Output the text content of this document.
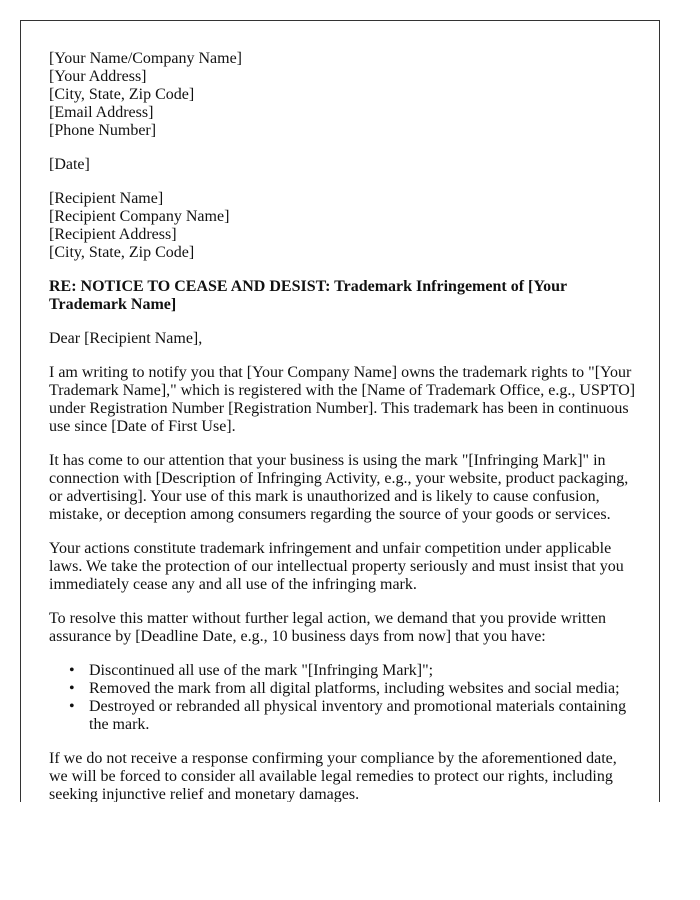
[Your Name/Company Name]
[Your Address]
[City, State, Zip Code]
[Email Address]
[Phone Number]
[Date]
[Recipient Name]
[Recipient Company Name]
[Recipient Address]
[City, State, Zip Code]

RE: NOTICE TO CEASE AND DESIST: Trademark Infringement of [Your Trademark Name]

Dear [Recipient Name],

I am writing to notify you that [Your Company Name] owns the trademark rights to "[Your Trademark Name]," which is registered with the [Name of Trademark Office, e.g., USPTO] under Registration Number [Registration Number]. This trademark has been in continuous use since [Date of First Use].

It has come to our attention that your business is using the mark "[Infringing Mark]" in connection with [Description of Infringing Activity, e.g., your website, product packaging, or advertising]. Your use of this mark is unauthorized and is likely to cause confusion, mistake, or deception among consumers regarding the source of your goods or services.

Your actions constitute trademark infringement and unfair competition under applicable laws. We take the protection of our intellectual property seriously and must insist that you immediately cease any and all use of the infringing mark.

To resolve this matter without further legal action, we demand that you provide written assurance by [Deadline Date, e.g., 10 business days from now] that you have:

• Discontinued all use of the mark "[Infringing Mark]";
• Removed the mark from all digital platforms, including websites and social media;
• Destroyed or rebranded all physical inventory and promotional materials containing the mark.

If we do not receive a response confirming your compliance by the aforementioned date, we will be forced to consider all available legal remedies to protect our rights, including seeking injunctive relief and monetary damages.
